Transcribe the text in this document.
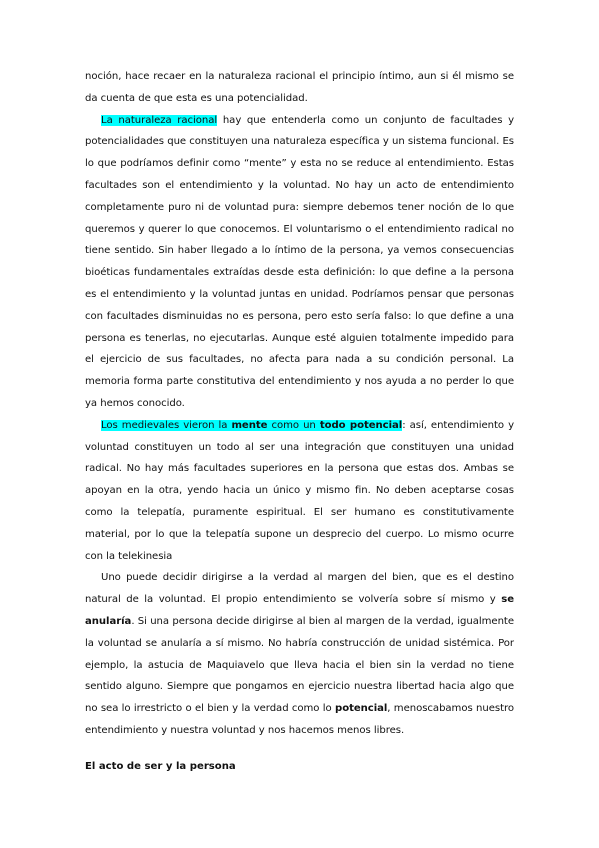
noción, hace recaer en la naturaleza racional el principio íntimo, aun si él mismo se da cuenta de que esta es una potencialidad.

La naturaleza racional hay que entenderla como un conjunto de facultades y potencialidades que constituyen una naturaleza específica y un sistema funcional. Es lo que podríamos definir como “mente” y esta no se reduce al entendimiento. Estas facultades son el entendimiento y la voluntad. No hay un acto de entendimiento completamente puro ni de voluntad pura: siempre debemos tener noción de lo que queremos y querer lo que conocemos. El voluntarismo o el entendimiento radical no tiene sentido. Sin haber llegado a lo íntimo de la persona, ya vemos consecuencias bioéticas fundamentales extraídas desde esta definición: lo que define a la persona es el entendimiento y la voluntad juntas en unidad. Podríamos pensar que personas con facultades disminuidas no es persona, pero esto sería falso: lo que define a una persona es tenerlas, no ejecutarlas. Aunque esté alguien totalmente impedido para el ejercicio de sus facultades, no afecta para nada a su condición personal. La memoria forma parte constitutiva del entendimiento y nos ayuda a no perder lo que ya hemos conocido.

Los medievales vieron la mente como un todo potencial: así, entendimiento y voluntad constituyen un todo al ser una integración que constituyen una unidad radical. No hay más facultades superiores en la persona que estas dos. Ambas se apoyan en la otra, yendo hacia un único y mismo fin. No deben aceptarse cosas como la telepatía, puramente espiritual. El ser humano es constitutivamente material, por lo que la telepatía supone un desprecio del cuerpo. Lo mismo ocurre con la telekinesia

Uno puede decidir dirigirse a la verdad al margen del bien, que es el destino natural de la voluntad. El propio entendimiento se volvería sobre sí mismo y se anularía. Si una persona decide dirigirse al bien al margen de la verdad, igualmente la voluntad se anularía a sí mismo. No habría construcción de unidad sistémica. Por ejemplo, la astucia de Maquiavelo que lleva hacia el bien sin la verdad no tiene sentido alguno. Siempre que pongamos en ejercicio nuestra libertad hacia algo que no sea lo irrestricto o el bien y la verdad como lo potencial, menoscabamos nuestro entendimiento y nuestra voluntad y nos hacemos menos libres.

El acto de ser y la persona
